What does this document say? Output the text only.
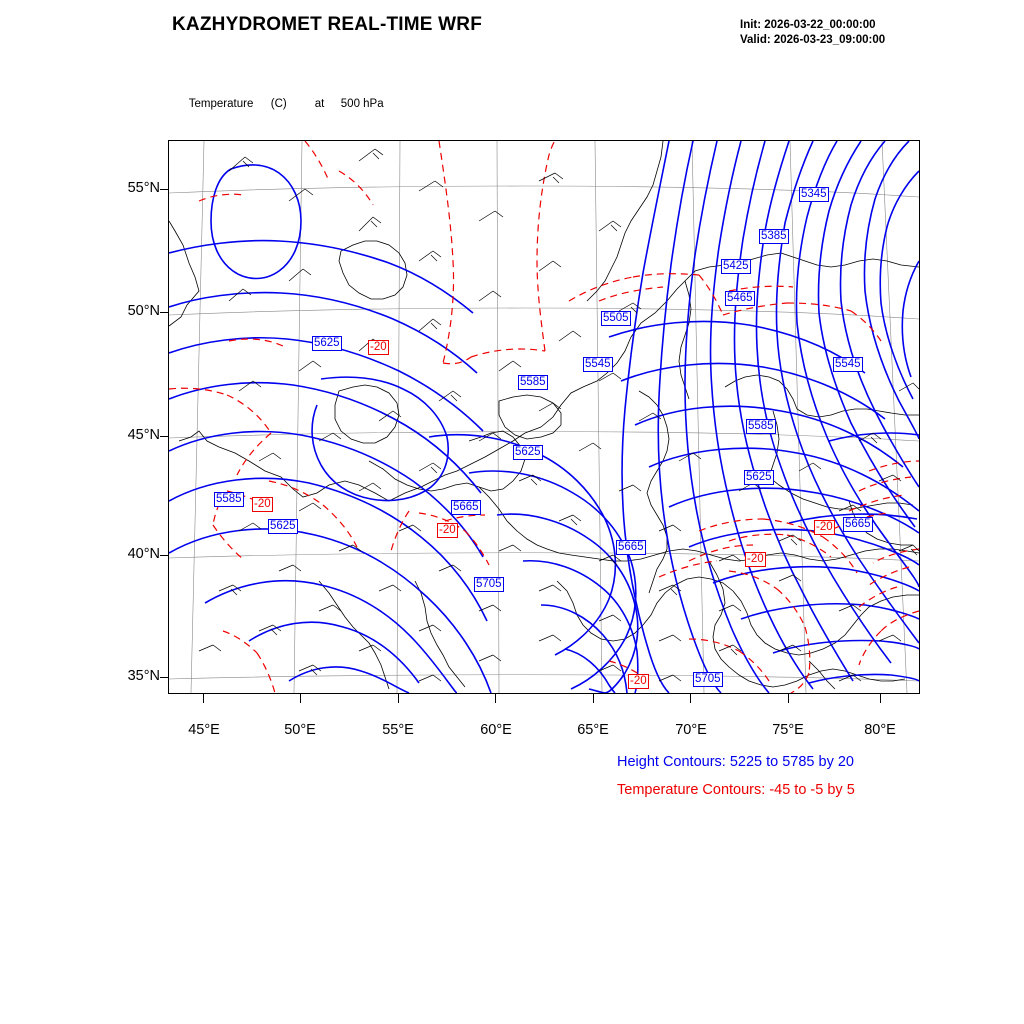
KAZHYDROMET REAL-TIME WRF	Init: 2026-03-22_00:00:00
Valid: 2026-03-23_09:00:00

Temperature (C) at 500 hPa

55°N
50°N
45°N
40°N
35°N
45°E	50°E	55°E	60°E	65°E	70°E	75°E	80°E
5345
5385
5425
5465
5505
5625	-20
5545	5545
5585
5585
5625
5625
5585 -20	5665
5625	-20	-20 5665
5665
-20
5705
-20	5705
Height Contours: 5225 to 5785 by 20
Temperature Contours: -45 to -5 by 5
